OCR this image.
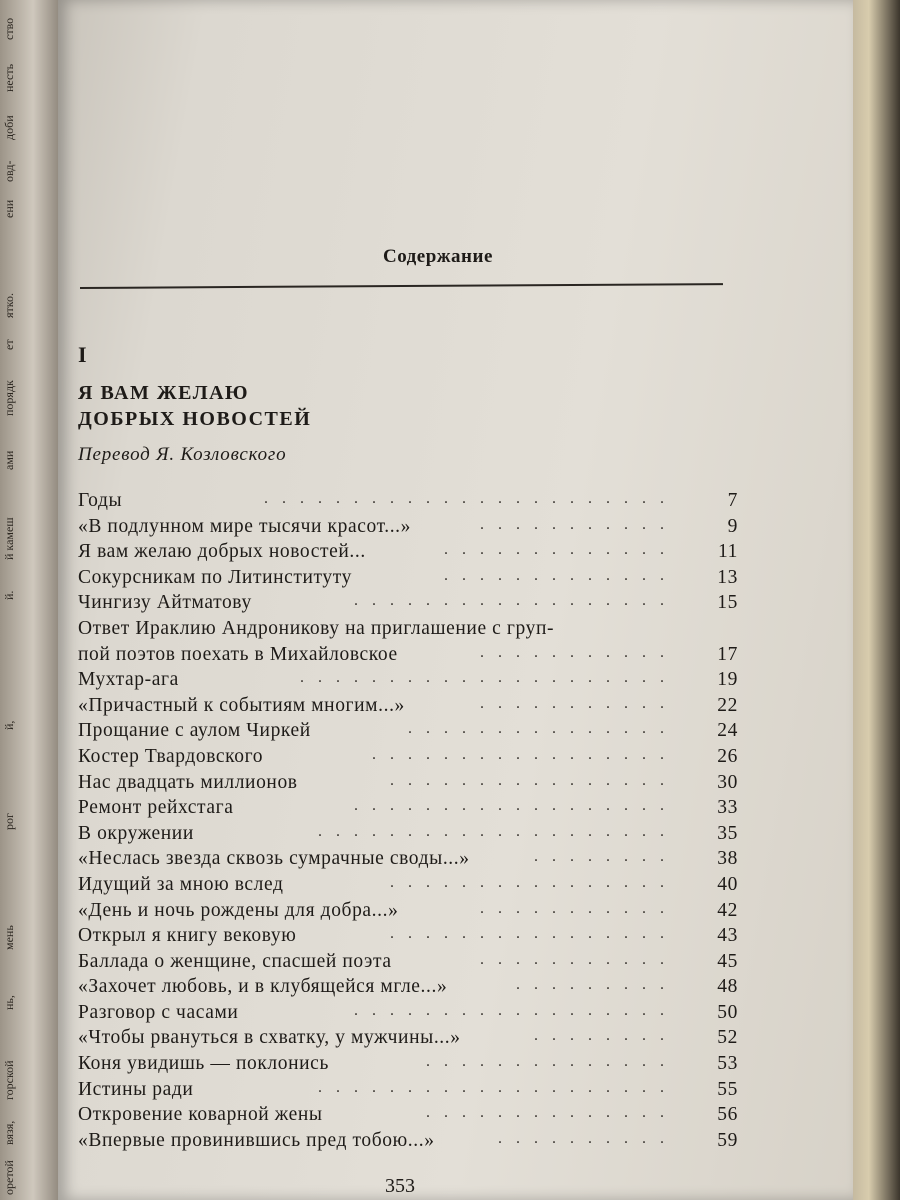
ство
несть
доби
овд-
ени
ятко.
ет
порядк
ами
й камеш
й.
й,
рог
мень
нь,
горской
вязя,
оретой
Содержание
I
Я ВАМ ЖЕЛАЮ
ДОБРЫХ НОВОСТЕЙ
Перевод Я. Козловского
Годы	.......................	7
«В подлунном мире тысячи красот...»	...........	9
Я вам желаю добрых новостей...	.............	11
Сокурсникам по Литинституту	.............	13
Чингизу Айтматову	..................	15
Ответ Ираклию Андроникову на приглашение с груп-
пой поэтов поехать в Михайловское	...........	17
Мухтар-ага	.....................	19
«Причастный к событиям многим...»	...........	22
Прощание с аулом Чиркей	...............	24
Костер Твардовского	.................	26
Нас двадцать миллионов	................	30
Ремонт рейхстага	..................	33
В окружении	....................	35
«Неслась звезда сквозь сумрачные своды...»	........	38
Идущий за мною вслед	................	40
«День и ночь рождены для добра...»	...........	42
Открыл я книгу вековую	................	43
Баллада о женщине, спасшей поэта	...........	45
«Захочет любовь, и в клубящейся мгле...»	.........	48
Разговор с часами	..................	50
«Чтобы рвануться в схватку, у мужчины...»	........	52
Коня увидишь — поклонись	..............	53
Истины ради	....................	55
Откровение коварной жены	..............	56
«Впервые провинившись пред тобою...»	..........	59
353
